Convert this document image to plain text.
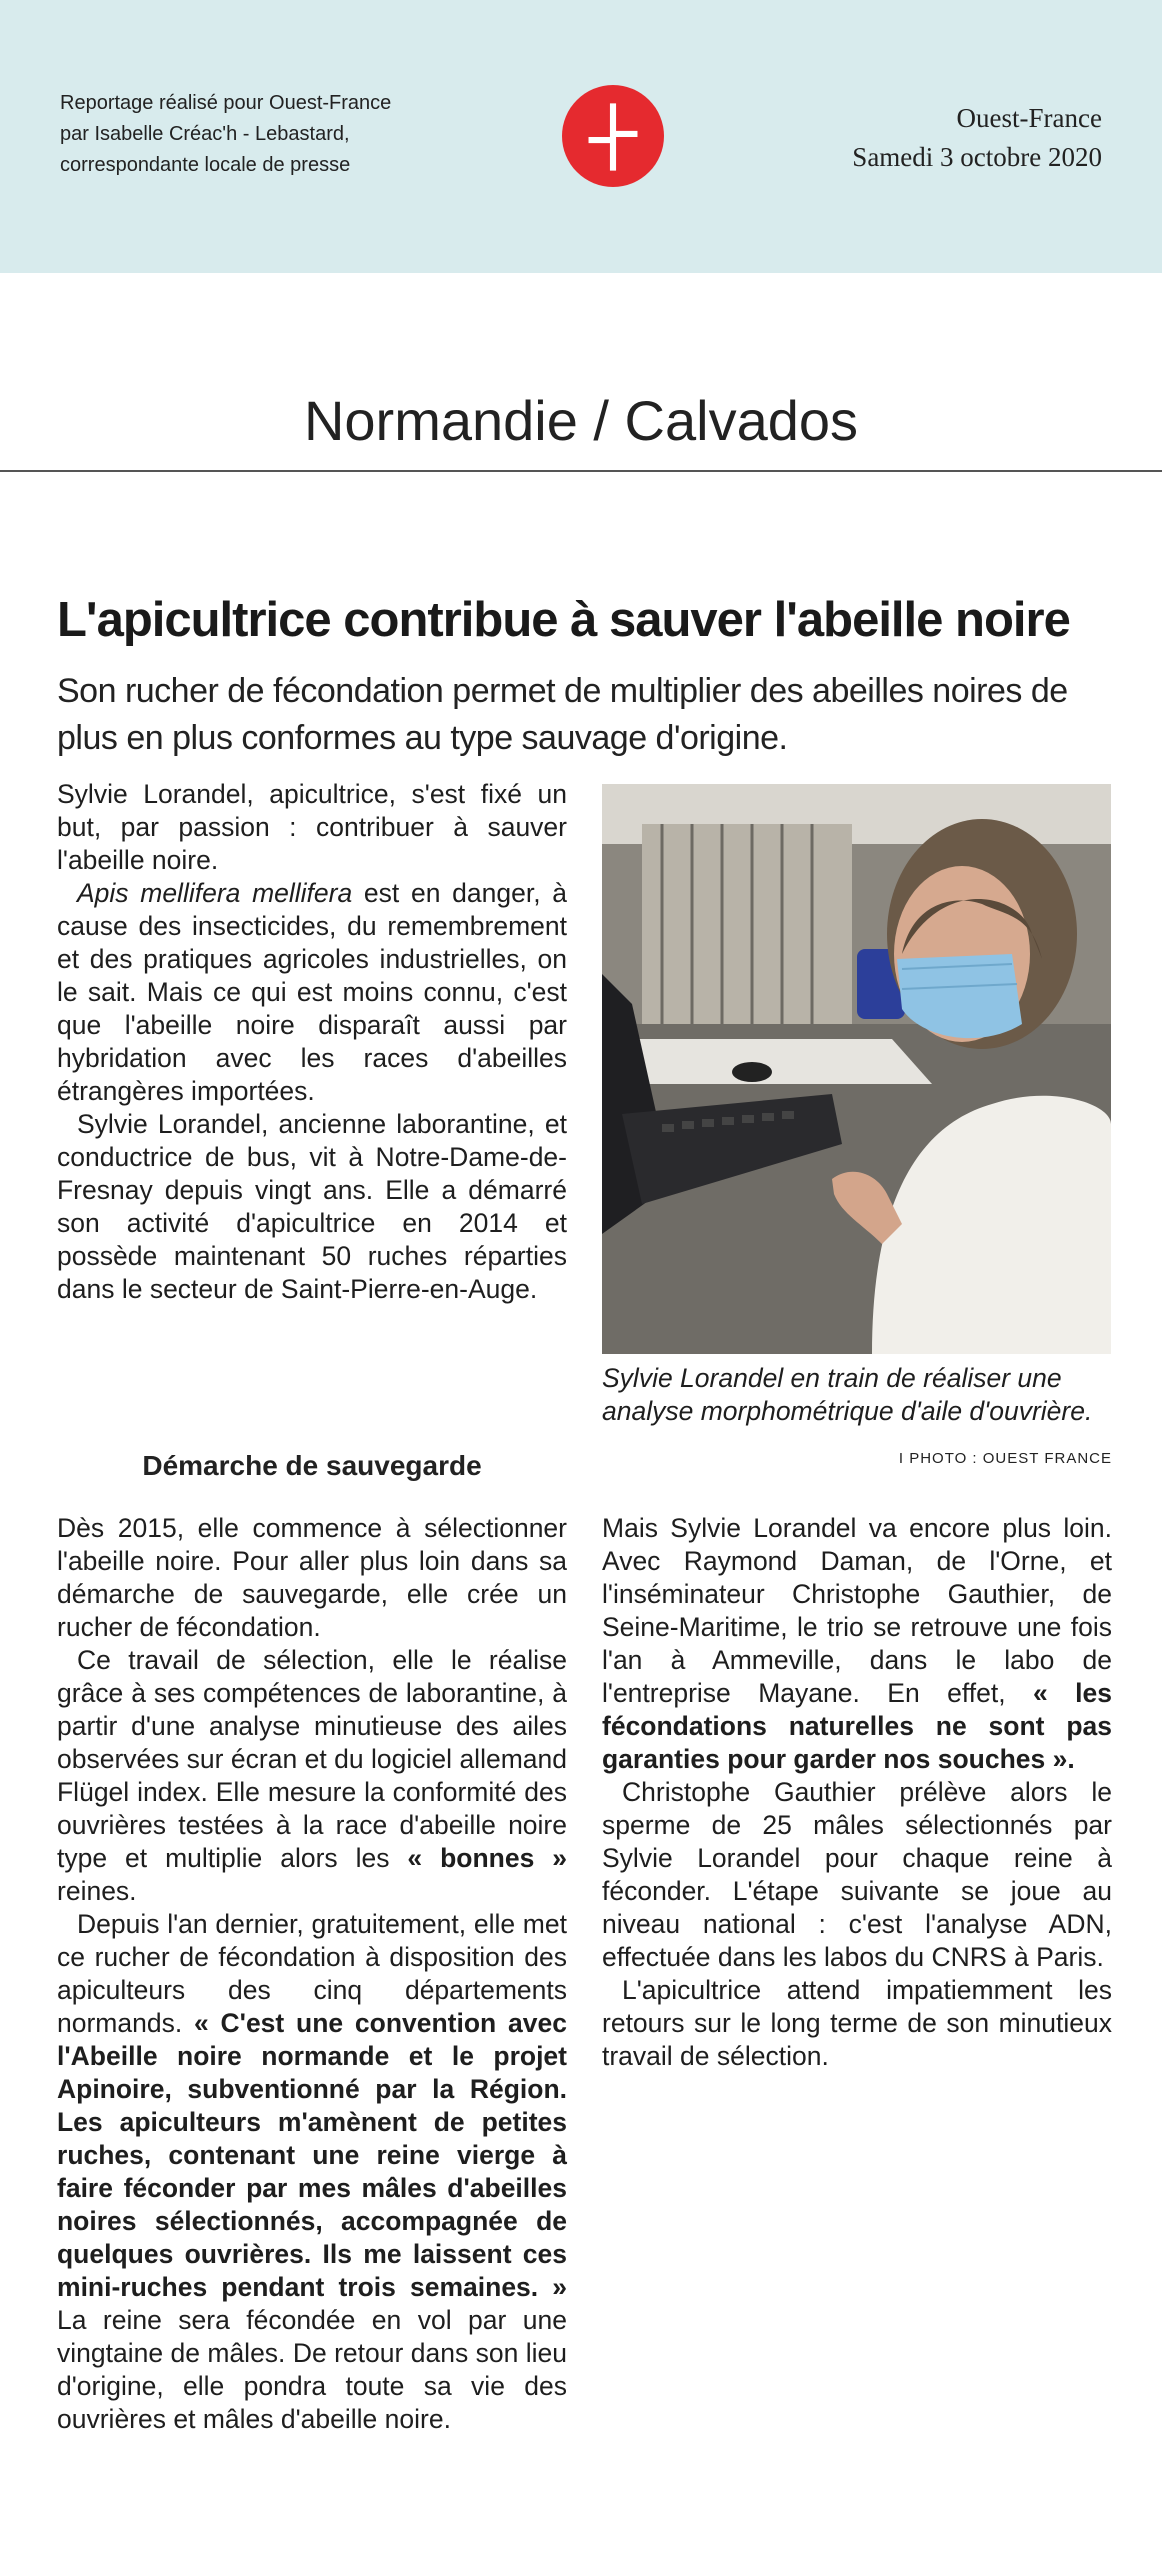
Reportage réalisé pour Ouest-France
par Isabelle Créac'h - Lebastard,
correspondante locale de presse
Ouest-France
Samedi 3 octobre 2020
Normandie / Calvados
L'apicultrice contribue à sauver l'abeille noire
Son rucher de fécondation permet de multiplier des abeilles noires de plus en plus conformes au type sauvage d'origine.

Sylvie Lorandel, apicultrice, s'est fixé un but, par passion : contribuer à sauver l'abeille noire.

Apis mellifera mellifera est en danger, à cause des insecticides, du remembrement et des pratiques agricoles industrielles, on le sait. Mais ce qui est moins connu, c'est que l'abeille noire disparaît aussi par hybridation avec les races d'abeilles étrangères importées.

Sylvie Lorandel, ancienne laborantine, et conductrice de bus, vit à Notre-Dame-de-Fresnay depuis vingt ans. Elle a démarré son activité d'apicultrice en 2014 et possède maintenant 50 ruches réparties dans le secteur de Saint-Pierre-en-Auge.

Démarche de sauvegarde

Dès 2015, elle commence à sélectionner l'abeille noire. Pour aller plus loin dans sa démarche de sauvegarde, elle crée un rucher de fécondation.

Ce travail de sélection, elle le réalise grâce à ses compétences de laborantine, à partir d'une analyse minutieuse des ailes observées sur écran et du logiciel allemand Flügel index. Elle mesure la conformité des ouvrières testées à la race d'abeille noire type et multiplie alors les « bonnes » reines.

Depuis l'an dernier, gratuitement, elle met ce rucher de fécondation à disposition des apiculteurs des cinq départements normands. « C'est une convention avec l'Abeille noire normande et le projet Apinoire, subventionné par la Région. Les apiculteurs m'amènent de petites ruches, contenant une reine vierge à faire féconder par mes mâles d'abeilles noires sélectionnés, accompagnée de quelques ouvrières. Ils me laissent ces mini-ruches pendant trois semaines. » La reine sera fécondée en vol par une vingtaine de mâles. De retour dans son lieu d'origine, elle pondra toute sa vie des ouvrières et mâles d'abeille noire.

Sylvie Lorandel en train de réaliser une analyse morphométrique d'aile d'ouvrière.
I PHOTO : OUEST FRANCE

Mais Sylvie Lorandel va encore plus loin. Avec Raymond Daman, de l'Orne, et l'inséminateur Christophe Gauthier, de Seine-Maritime, le trio se retrouve une fois l'an à Ammeville, dans le labo de l'entreprise Mayane. En effet, « les fécondations naturelles ne sont pas garanties pour garder nos souches ».

Christophe Gauthier prélève alors le sperme de 25 mâles sélectionnés par Sylvie Lorandel pour chaque reine à féconder. L'étape suivante se joue au niveau national : c'est l'analyse ADN, effectuée dans les labos du CNRS à Paris.

L'apicultrice attend impatiemment les retours sur le long terme de son minutieux travail de sélection.
